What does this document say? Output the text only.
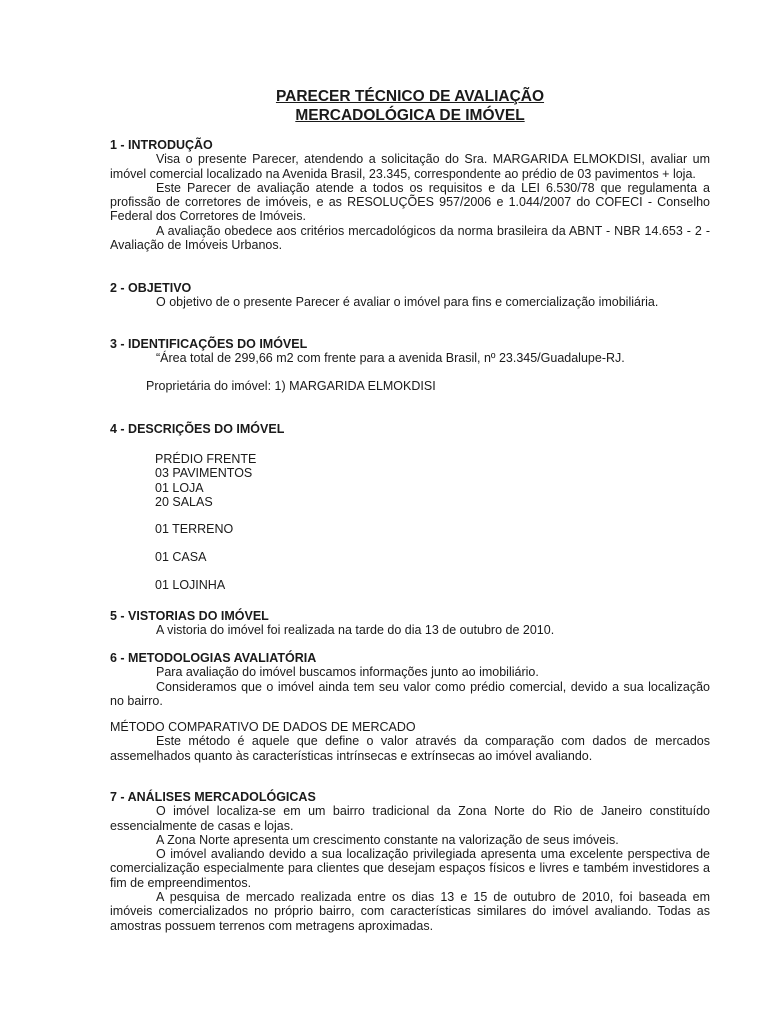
PARECER TÉCNICO DE AVALIAÇÃO
MERCADOLÓGICA DE IMÓVEL
1 - INTRODUÇÃO

Visa o presente Parecer, atendendo a solicitação do Sra. MARGARIDA ELMOKDISI, avaliar um imóvel comercial localizado na Avenida Brasil, 23.345, correspondente ao prédio de 03 pavimentos + loja.

Este Parecer de avaliação atende a todos os requisitos e da LEI 6.530/78 que regulamenta a profissão de corretores de imóveis, e as RESOLUÇÕES 957/2006 e 1.044/2007 do COFECI - Conselho Federal dos Corretores de Imóveis.

A avaliação obedece aos critérios mercadológicos da norma brasileira da ABNT - NBR 14.653 - 2 - Avaliação de Imóveis Urbanos.

2 - OBJETIVO

O objetivo de o presente Parecer é avaliar o imóvel para fins e comercialização imobiliária.

3 - IDENTIFICAÇÕES DO IMÓVEL

“Área total de 299,66 m2 com frente para a avenida Brasil, nº 23.345/Guadalupe-RJ.

Proprietária do imóvel: 1) MARGARIDA ELMOKDISI
4 - DESCRIÇÕES DO IMÓVEL
PRÉDIO FRENTE
03 PAVIMENTOS
01 LOJA
20 SALAS
01 TERRENO
01 CASA
01 LOJINHA
5 - VISTORIAS DO IMÓVEL

A vistoria do imóvel foi realizada na tarde do dia 13 de outubro de 2010.

6 - METODOLOGIAS AVALIATÓRIA

Para avaliação do imóvel buscamos informações junto ao imobiliário.

Consideramos que o imóvel ainda tem seu valor como prédio comercial, devido a sua localização no bairro.

MÉTODO COMPARATIVO DE DADOS DE MERCADO

Este método é aquele que define o valor através da comparação com dados de mercados assemelhados quanto às características intrínsecas e extrínsecas ao imóvel avaliando.

7 - ANÁLISES MERCADOLÓGICAS

O imóvel localiza-se em um bairro tradicional da Zona Norte do Rio de Janeiro constituído essencialmente de casas e lojas.

A Zona Norte apresenta um crescimento constante na valorização de seus imóveis.

O imóvel avaliando devido a sua localização privilegiada apresenta uma excelente perspectiva de comercialização especialmente para clientes que desejam espaços físicos e livres e também investidores a fim de empreendimentos.

A pesquisa de mercado realizada entre os dias 13 e 15 de outubro de 2010, foi baseada em imóveis comercializados no próprio bairro, com características similares do imóvel avaliando. Todas as amostras possuem terrenos com metragens aproximadas.
